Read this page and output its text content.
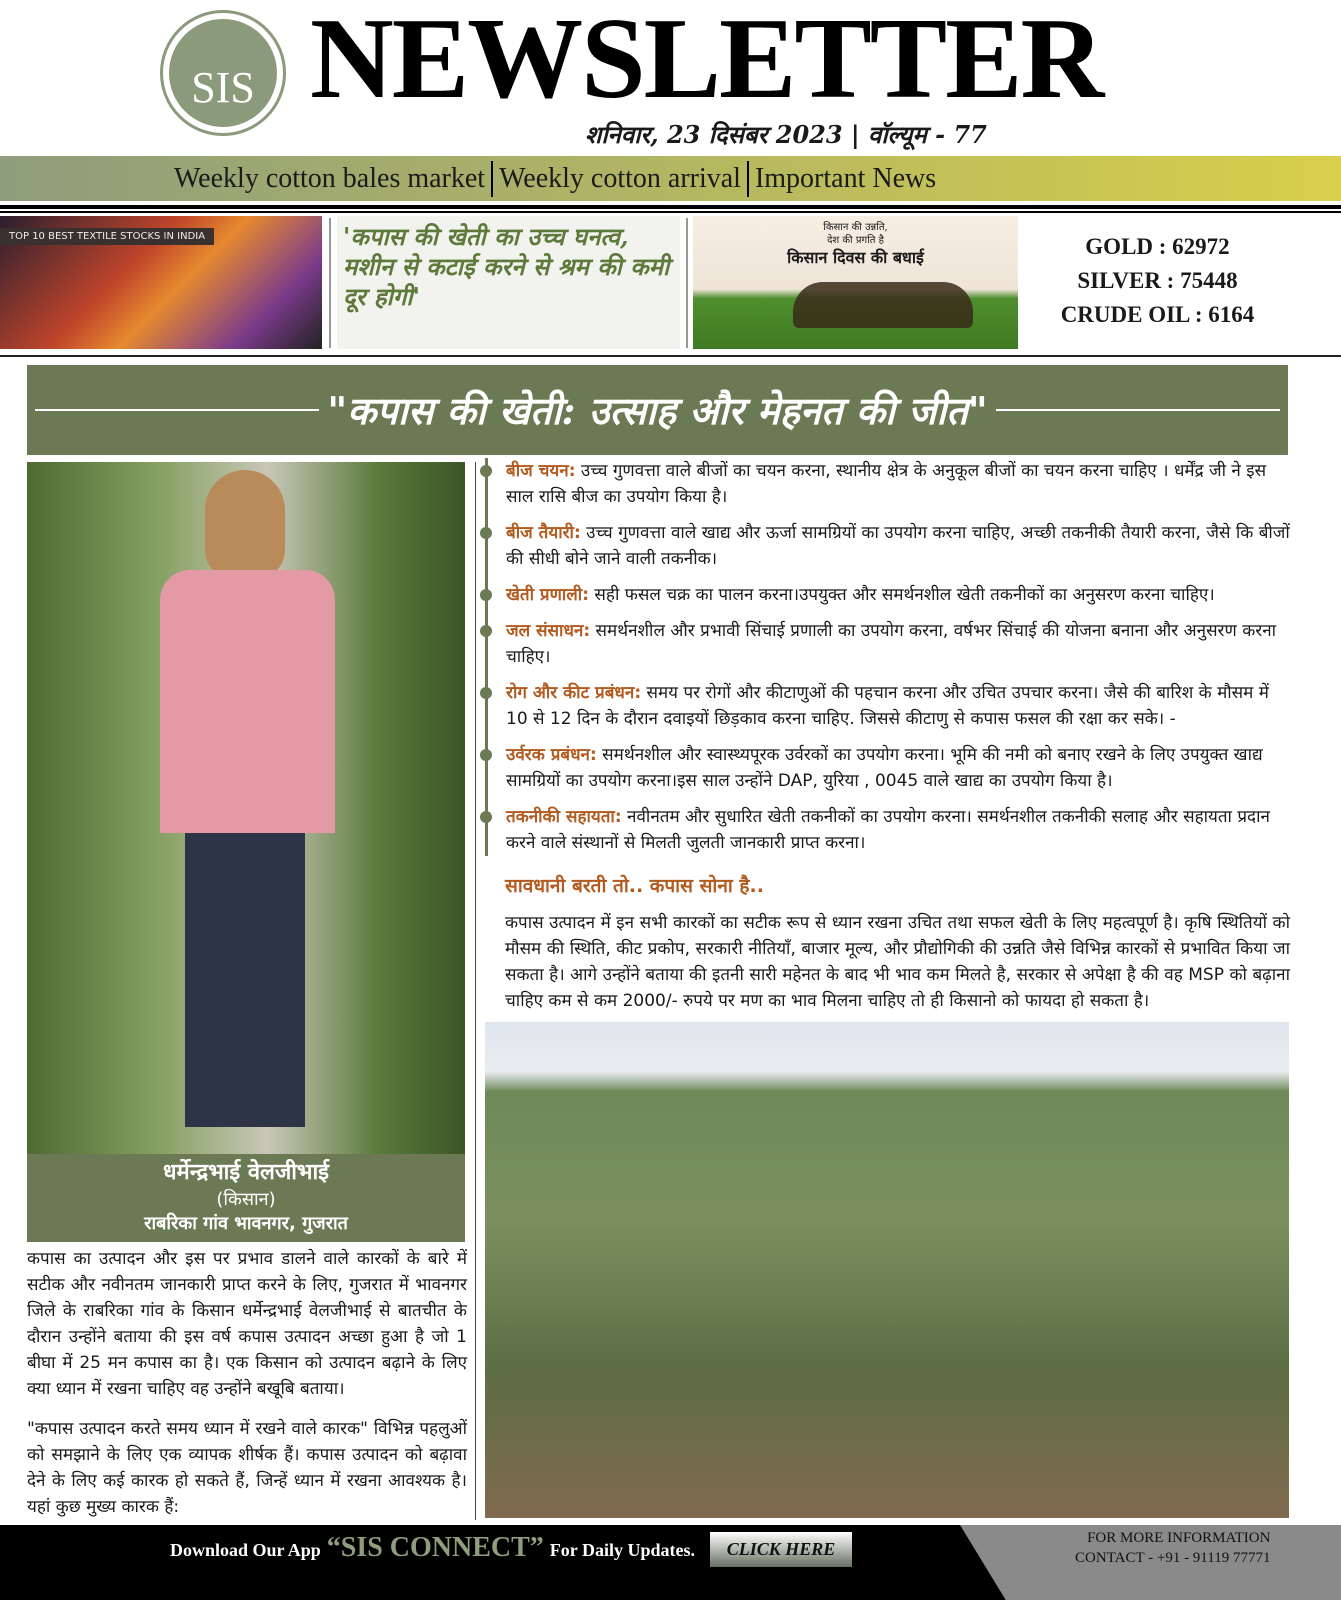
SIS NEWSLETTER
शनिवार, 23 दिसंबर 2023 | वॉल्यूम - 77
Weekly cotton bales market Weekly cotton arrival Important News
TOP 10 BEST TEXTILE STOCKS IN INDIA	'कपास की खेती का उच्च घनत्व, मशीन से कटाई करने से श्रम की कमी दूर होगी'
किसान की उन्नति,
देश की प्रगति है
किसान दिवस की बधाई	GOLD : 62972
SILVER : 75448
CRUDE OIL : 6164
"कपास की खेती: उत्साह और मेहनत की जीत"
धर्मेन्द्रभाई वेलजीभाई
(किसान)
राबरिका गांव भावनगर, गुजरात
कपास का उत्पादन और इस पर प्रभाव डालने वाले कारकों के बारे में सटीक और नवीनतम जानकारी प्राप्त करने के लिए, गुजरात में भावनगर जिले के राबरिका गांव के किसान धर्मेन्द्रभाई वेलजीभाई से बातचीत के दौरान उन्होंने बताया की इस वर्ष कपास उत्पादन अच्छा हुआ है जो 1 बीघा में 25 मन कपास का है। एक किसान को उत्पादन बढ़ाने के लिए क्या ध्यान में रखना चाहिए वह उन्होंने बखूबि बताया।
"कपास उत्पादन करते समय ध्यान में रखने वाले कारक" विभिन्न पहलुओं को समझाने के लिए एक व्यापक शीर्षक हैं। कपास उत्पादन को बढ़ावा देने के लिए कई कारक हो सकते हैं, जिन्हें ध्यान में रखना आवश्यक है। यहां कुछ मुख्य कारक हैं:
बीज चयन: उच्च गुणवत्ता वाले बीजों का चयन करना, स्थानीय क्षेत्र के अनुकूल बीजों का चयन करना चाहिए । धर्मेंद्र जी ने इस साल रासि बीज का उपयोग किया है।
बीज तैयारी: उच्च गुणवत्ता वाले खाद्य और ऊर्जा सामग्रियों का उपयोग करना चाहिए, अच्छी तकनीकी तैयारी करना, जैसे कि बीजों की सीधी बोने जाने वाली तकनीक।
खेती प्रणाली: सही फसल चक्र का पालन करना।उपयुक्त और समर्थनशील खेती तकनीकों का अनुसरण करना चाहिए।
जल संसाधन: समर्थनशील और प्रभावी सिंचाई प्रणाली का उपयोग करना, वर्षभर सिंचाई की योजना बनाना और अनुसरण करना चाहिए।
रोग और कीट प्रबंधन: समय पर रोगों और कीटाणुओं की पहचान करना और उचित उपचार करना। जैसे की बारिश के मौसम में 10 से 12 दिन के दौरान दवाइयों छिड़काव करना चाहिए. जिससे कीटाणु से कपास फसल की रक्षा कर सके। -
उर्वरक प्रबंधन: समर्थनशील और स्वास्थ्यपूरक उर्वरकों का उपयोग करना। भूमि की नमी को बनाए रखने के लिए उपयुक्त खाद्य सामग्रियों का उपयोग करना।इस साल उन्होंने DAP, युरिया , 0045 वाले खाद्य का उपयोग किया है।
तकनीकी सहायता: नवीनतम और सुधारित खेती तकनीकों का उपयोग करना। समर्थनशील तकनीकी सलाह और सहायता प्रदान करने वाले संस्थानों से मिलती जुलती जानकारी प्राप्त करना।
सावधानी बरती तो.. कपास सोना है..
कपास उत्पादन में इन सभी कारकों का सटीक रूप से ध्यान रखना उचित तथा सफल खेती के लिए महत्वपूर्ण है। कृषि स्थितियों को मौसम की स्थिति, कीट प्रकोप, सरकारी नीतियाँ, बाजार मूल्य, और प्रौद्योगिकी की उन्नति जैसे विभिन्न कारकों से प्रभावित किया जा सकता है। आगे उन्होंने बताया की इतनी सारी महेनत के बाद भी भाव कम मिलते है, सरकार से अपेक्षा है की वह MSP को बढ़ाना चाहिए कम से कम 2000/- रुपये पर मण का भाव मिलना चाहिए तो ही किसानो को फायदा हो सकता है।
Download Our App “SIS CONNECT” For Daily Updates.	CLICK HERE
FOR MORE INFORMATION
CONTACT - +91 - 91119 77771
